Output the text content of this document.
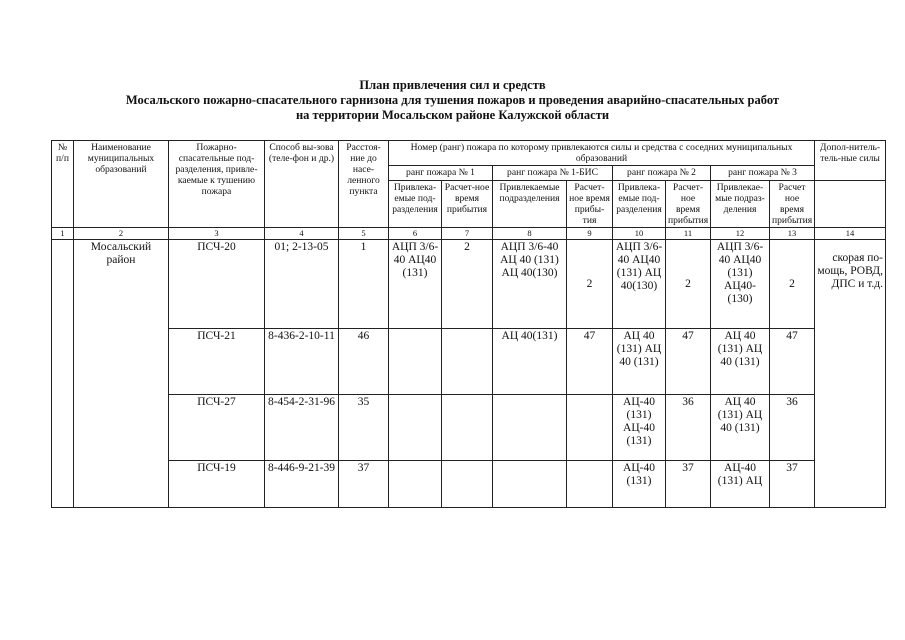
План привлечения сил и средств
Мосальского пожарно-спасательного гарнизона для тушения пожаров и проведения аварийно-спасательных работ
на территории Мосальском районе Калужской области
№ п/п	Наименование муниципальных образований	Пожарно-спасательные под-разделения, привле-каемые к тушению пожара	Способ вы-зова (теле-фон и др.)	Расстоя-ние до насе-ленного пункта	Номер (ранг) пожара по которому привлекаются силы и средства с соседних муниципальных образований								Допол-нитель-тель-ные силы
					ранг пожара № 1		ранг пожара № 1-БИС		ранг пожара № 2		ранг пожара № 3		
					Привлека-емые под-разделения	Расчет-ное время прибытия	Привлекаемые подразделения	Расчет-ное время прибы-тия	Привлека-емые под-разделения	Расчет-ное время прибытия	Привлекае-мые подраз-деления	Расчет ное время прибытия	
1	2	3	4	5	6	7	8	9	10	11	12	13	14
	Мосальский район	ПСЧ-20	01; 2-13-05	1	АЦП 3/6-40 АЦ40 (131)	2	АЦП 3/6-40 АЦ 40 (131) АЦ 40(130)	2	АЦП 3/6-40 АЦ40 (131) АЦ 40(130)	2	АЦП 3/6-40 АЦ40 (131) АЦ40-(130)	2	скорая по-мощь, РОВД, ДПС и т.д.
		ПСЧ-21	8-436-2-10-11	46			АЦ 40(131)	47	АЦ 40 (131) АЦ 40 (131)	47	АЦ 40 (131) АЦ 40 (131)	47	
		ПСЧ-27	8-454-2-31-96	35					АЦ-40 (131) АЦ-40 (131)	36	АЦ 40 (131) АЦ 40 (131)	36	
		ПСЧ-19	8-446-9-21-39	37					АЦ-40 (131)	37	АЦ-40 (131) АЦ	37	
